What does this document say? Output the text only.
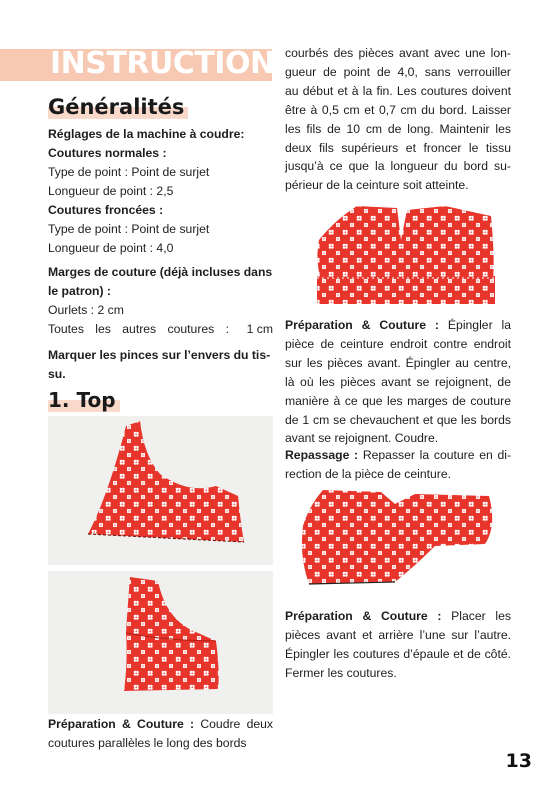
INSTRUCTIONS
Généralités
Réglages de la machine à coudre:
Coutures normales :
Type de point : Point de surjet
Longueur de point : 2,5
Coutures froncées :
Type de point : Point de surjet
Longueur de point : 4,0
Marges de couture (déjà incluses dans
le patron) :
Ourlets : 2 cm
Toutes les autres coutures : 1 cm
Marquer les pinces sur l’envers du tis-
su.
1. Top
Préparation & Couture : Coudre deux
coutures parallèles le long des bords
courbés des pièces avant avec une lon-
gueur de point de 4,0, sans verrouiller
au début et à la fin. Les coutures doivent
être à 0,5 cm et 0,7 cm du bord. Laisser
les fils de 10 cm de long. Maintenir les
deux fils supérieurs et froncer le tissu
jusqu’à ce que la longueur du bord su-
périeur de la ceinture soit atteinte.
Préparation & Couture : Épingler la
pièce de ceinture endroit contre endroit
sur les pièces avant. Épingler au centre,
là où les pièces avant se rejoignent, de
manière à ce que les marges de couture
de 1 cm se chevauchent et que les bords
avant se rejoignent. Coudre.
Repassage : Repasser la couture en di-
rection de la pièce de ceinture.
Préparation & Couture : Placer les
pièces avant et arrière l’une sur l’autre.
Épingler les coutures d’épaule et de côté.
Fermer les coutures.
13
